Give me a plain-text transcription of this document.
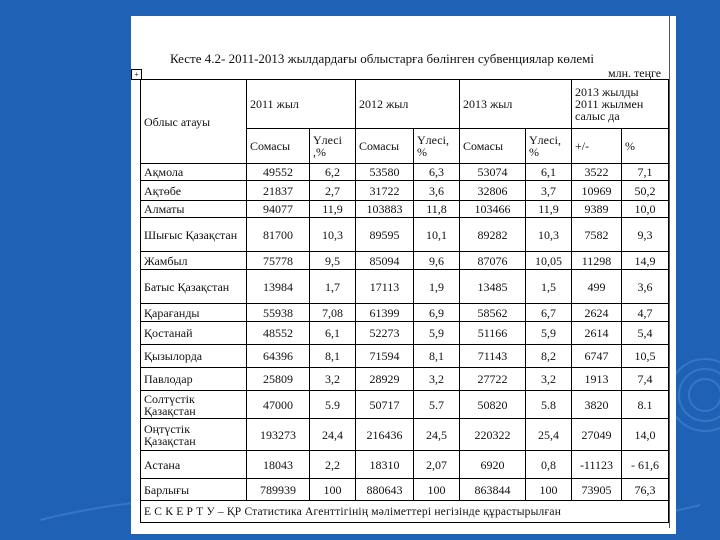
+
Кесте 4.2- 2011-2013 жылдардағы облыстарға бөлінген субвенциялар көлемі
млн. теңге
Облыс атауы	2011 жыл		2012 жыл		2013 жыл		2013 жылды 2011 жылмен салыс да	
	Сомасы	Үлесі ,%	Сомасы	Үлесі, %	Сомасы	Үлесі, %	+/-	%
Ақмола	49552	6,2	53580	6,3	53074	6,1	3522	7,1
Ақтөбе	21837	2,7	31722	3,6	32806	3,7	10969	50,2
Алматы	94077	11,9	103883	11,8	103466	11,9	9389	10,0
Шығыс Қазақстан	81700	10,3	89595	10,1	89282	10,3	7582	9,3
Жамбыл	75778	9,5	85094	9,6	87076	10,05	11298	14,9
Батыс Қазақстан	13984	1,7	17113	1,9	13485	1,5	499	3,6
Қарағанды	55938	7,08	61399	6,9	58562	6,7	2624	4,7
Қостанай	48552	6,1	52273	5,9	51166	5,9	2614	5,4
Қызылорда	64396	8,1	71594	8,1	71143	8,2	6747	10,5
Павлодар	25809	3,2	28929	3,2	27722	3,2	1913	7,4
Солтүстік Қазақстан	47000	5.9	50717	5.7	50820	5.8	3820	8.1
Оңтүстік Қазақстан	193273	24,4	216436	24,5	220322	25,4	27049	14,0
Астана	18043	2,2	18310	2,07	6920	0,8	-11123	- 61,6
Барлығы	789939	100	880643	100	863844	100	73905	76,3
Е С К Е Р Т У – ҚР Статистика Агенттігінің мәліметтері негізінде құрастырылған								
